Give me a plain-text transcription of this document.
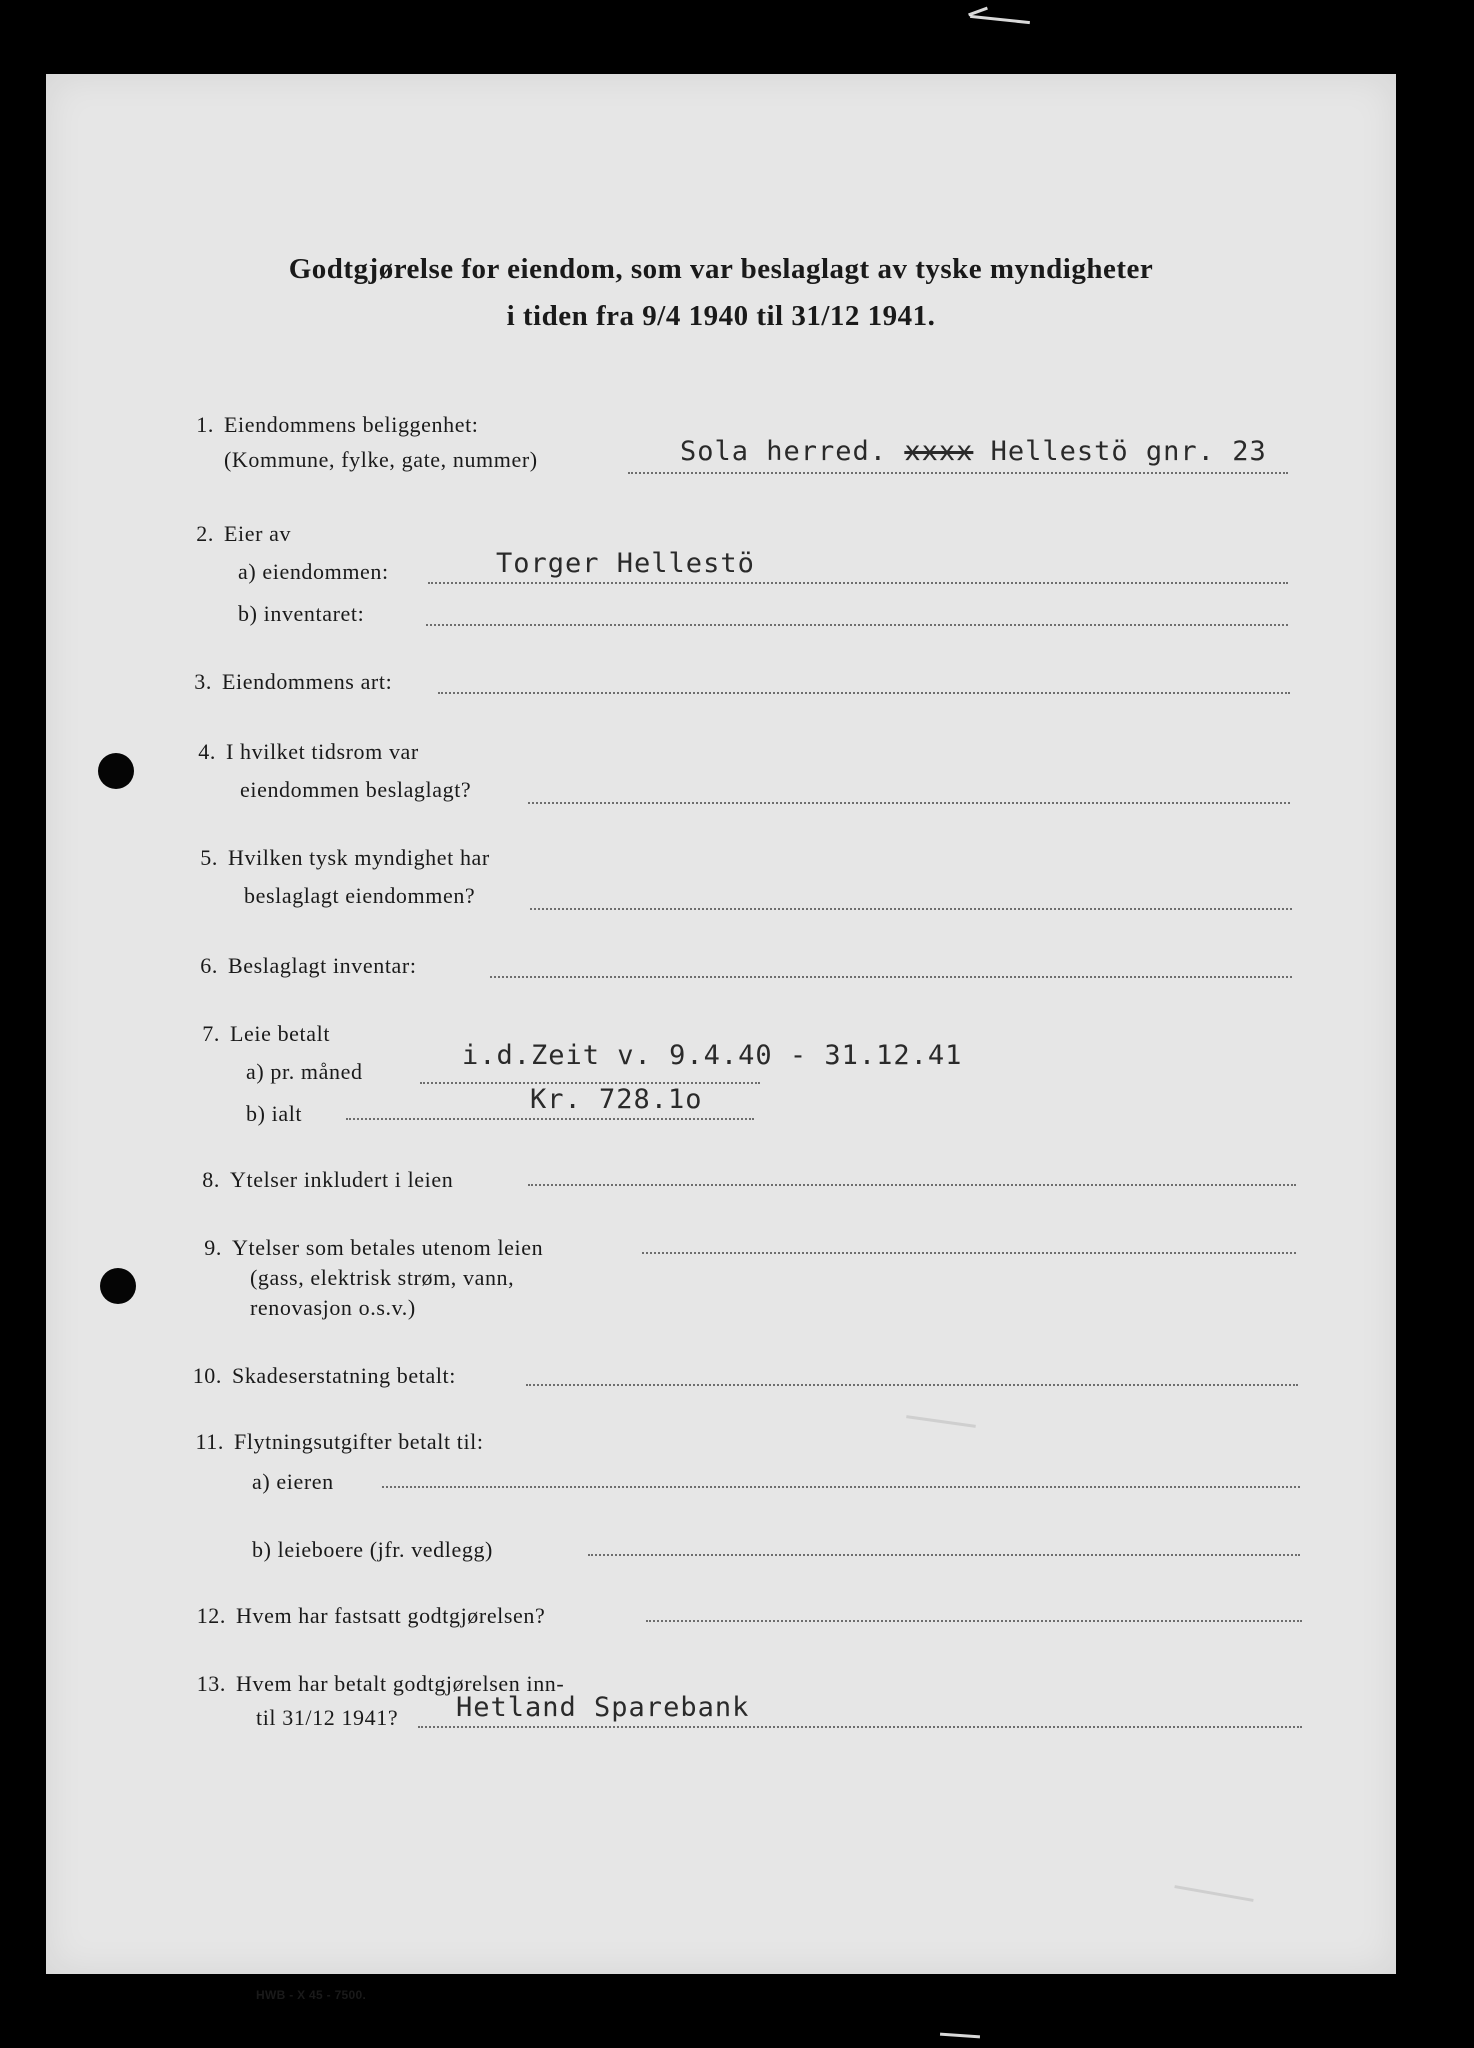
Godtgjørelse for eiendom, som var beslaglagt av tyske myndigheter
i tiden fra 9/4 1940 til 31/12 1941.
1. Eiendommens beliggenhet:
(Kommune, fylke, gate, nummer)	Sola herred. xxxx Hellestö gnr. 23
2. Eier av
a) eiendommen:	Torger Hellestö
b) inventaret:
3. Eiendommens art:
4. I hvilket tidsrom var
eiendommen beslaglagt?
5. Hvilken tysk myndighet har
beslaglagt eiendommen?
6. Beslaglagt inventar:
7. Leie betalt
a) pr. måned
i.d.Zeit v. 9.4.40 - 31.12.41
b) ialt	Kr. 728.1o
8. Ytelser inkludert i leien
9. Ytelser som betales utenom leien
(gass, elektrisk strøm, vann,
renovasjon o.s.v.)
10. Skadeserstatning betalt:
11. Flytningsutgifter betalt til:
a) eieren
b) leieboere (jfr. vedlegg)
12. Hvem har fastsatt godtgjørelsen?
13. Hvem har betalt godtgjørelsen inn-
til 31/12 1941? Hetland Sparebank
HWB - X 45 - 7500.
